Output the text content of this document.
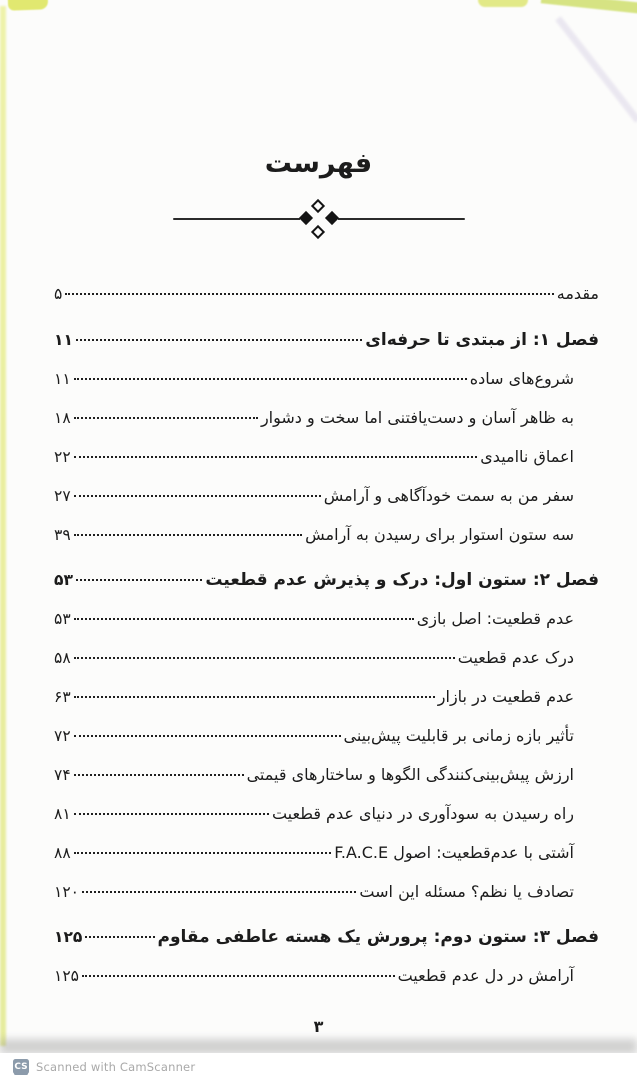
فهرست
مقدمه
۵
فصل ۱: از مبتدی تا حرفه‌ای
۱۱
شروع‌های ساده
۱۱
به ظاهر آسان و دست‌یافتنی اما سخت و دشوار
۱۸
اعماق ناامیدی
۲۲
سفر من به سمت خودآگاهی و آرامش
۲۷
سه ستون استوار برای رسیدن به آرامش
۳۹
فصل ۲: ستون اول: درک و پذیرش عدم قطعیت
۵۳
عدم قطعیت: اصل بازی
۵۳
درک عدم قطعیت
۵۸
عدم قطعیت در بازار
۶۳
تأثیر بازه زمانی بر قابلیت پیش‌بینی
۷۲
ارزش پیش‌بینی‌کنندگی الگوها و ساختارهای قیمتی
۷۴
راه رسیدن به سودآوری در دنیای عدم قطعیت
۸۱
آشتی با عدم‌قطعیت: اصول F.A.C.E
۸۸
تصادف یا نظم؟ مسئله این است
۱۲۰
فصل ۳: ستون دوم: پرورش یک هسته عاطفی مقاوم
۱۲۵
آرامش در دل عدم قطعیت
۱۲۵
۳
CS Scanned with CamScanner
